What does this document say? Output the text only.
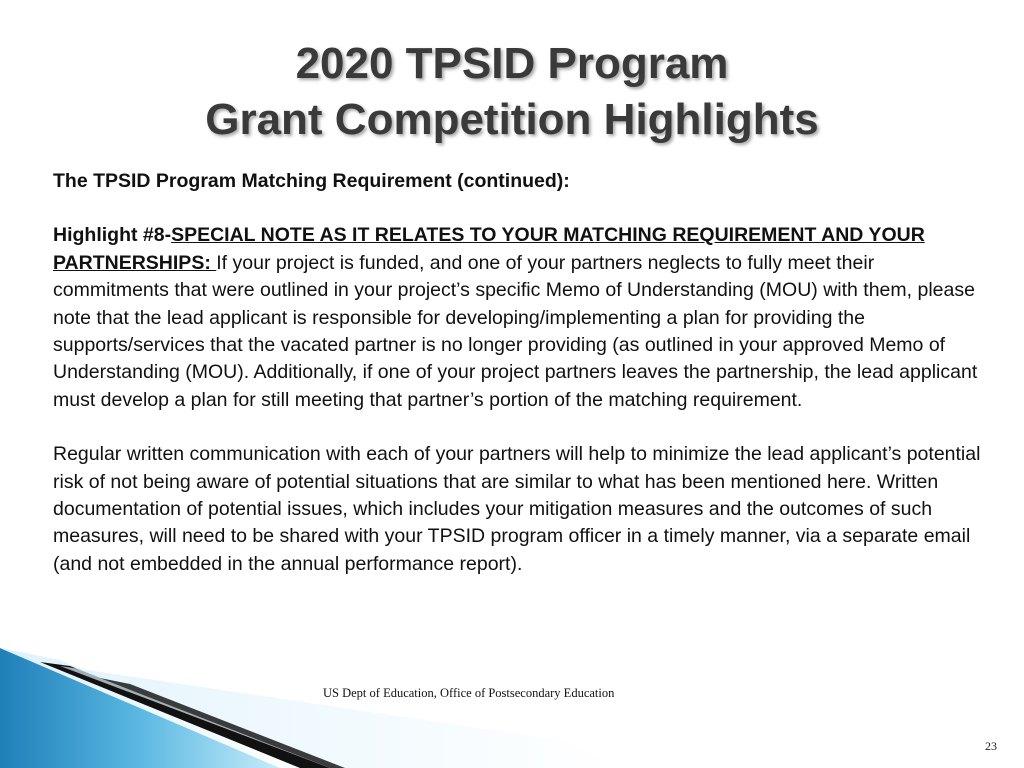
2020 TPSID Program
Grant Competition Highlights

The TPSID Program Matching Requirement (continued):

Highlight #8-SPECIAL NOTE AS IT RELATES TO YOUR MATCHING REQUIREMENT AND YOUR PARTNERSHIPS: If your project is funded, and one of your partners neglects to fully meet their commitments that were outlined in your project’s specific Memo of Understanding (MOU) with them, please note that the lead applicant is responsible for developing/implementing a plan for providing the supports/services that the vacated partner is no longer providing (as outlined in your approved Memo of Understanding (MOU). Additionally, if one of your project partners leaves the partnership, the lead applicant must develop a plan for still meeting that partner’s portion of the matching requirement.

Regular written communication with each of your partners will help to minimize the lead applicant’s potential risk of not being aware of potential situations that are similar to what has been mentioned here. Written documentation of potential issues, which includes your mitigation measures and the outcomes of such measures, will need to be shared with your TPSID program officer in a timely manner, via a separate email (and not embedded in the annual performance report).

US Dept of Education, Office of Postsecondary Education
23
